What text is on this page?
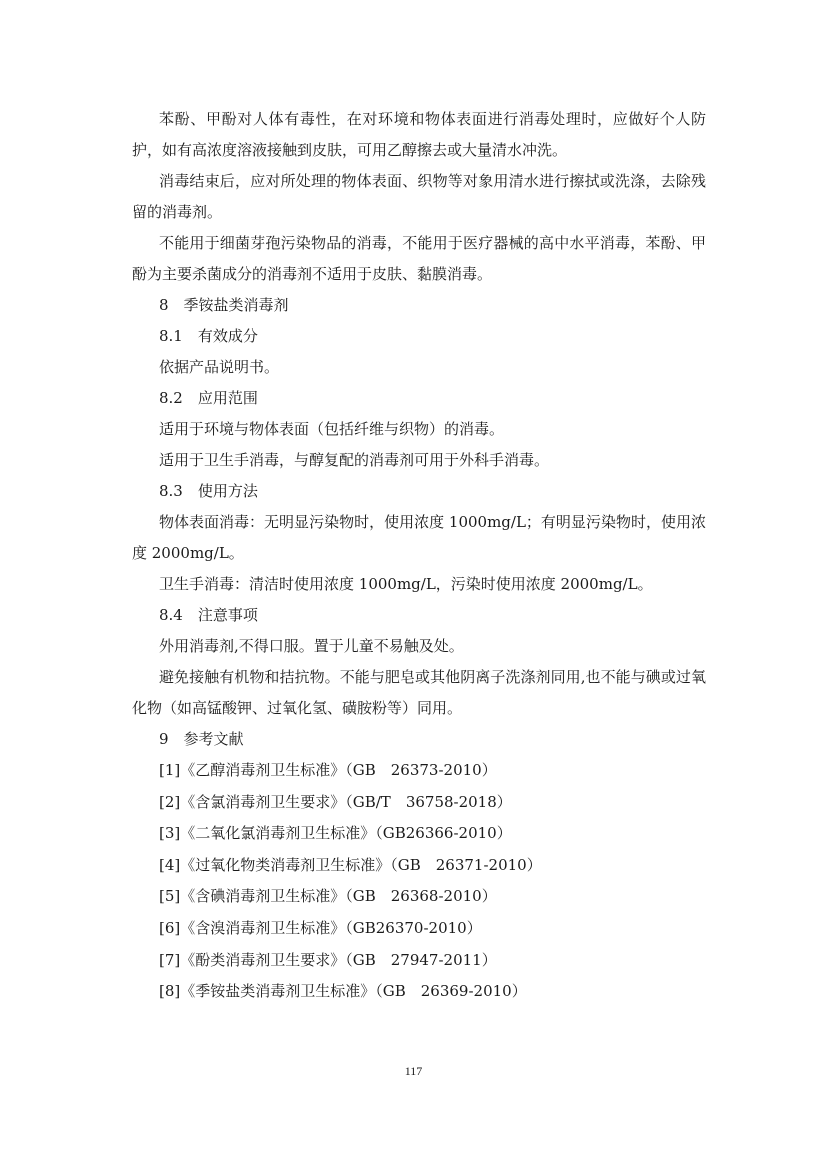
苯酚、甲酚对人体有毒性，在对环境和物体表面进行消毒处理时，应做好个人防护，如有高浓度溶液接触到皮肤，可用乙醇擦去或大量清水冲洗。

消毒结束后，应对所处理的物体表面、织物等对象用清水进行擦拭或洗涤，去除残留的消毒剂。

不能用于细菌芽孢污染物品的消毒，不能用于医疗器械的高中水平消毒，苯酚、甲酚为主要杀菌成分的消毒剂不适用于皮肤、黏膜消毒。

8　季铵盐类消毒剂

8.1　有效成分

依据产品说明书。

8.2　应用范围

适用于环境与物体表面（包括纤维与织物）的消毒。

适用于卫生手消毒，与醇复配的消毒剂可用于外科手消毒。

8.3　使用方法

物体表面消毒：无明显污染物时，使用浓度 1000mg/L；有明显污染物时，使用浓度 2000mg/L。

卫生手消毒：清洁时使用浓度 1000mg/L，污染时使用浓度 2000mg/L。

8.4　注意事项

外用消毒剂,不得口服。置于儿童不易触及处。

避免接触有机物和拮抗物。不能与肥皂或其他阴离子洗涤剂同用,也不能与碘或过氧化物（如高锰酸钾、过氧化氢、磺胺粉等）同用。

9　参考文献

[1]《乙醇消毒剂卫生标准》（GB　26373-2010）

[2]《含氯消毒剂卫生要求》（GB/T　36758-2018）

[3]《二氧化氯消毒剂卫生标准》（GB26366-2010）

[4]《过氧化物类消毒剂卫生标准》（GB　26371-2010）

[5]《含碘消毒剂卫生标准》（GB　26368-2010）

[6]《含溴消毒剂卫生标准》（GB26370-2010）

[7]《酚类消毒剂卫生要求》（GB　27947-2011）

[8]《季铵盐类消毒剂卫生标准》（GB　26369-2010）

117
